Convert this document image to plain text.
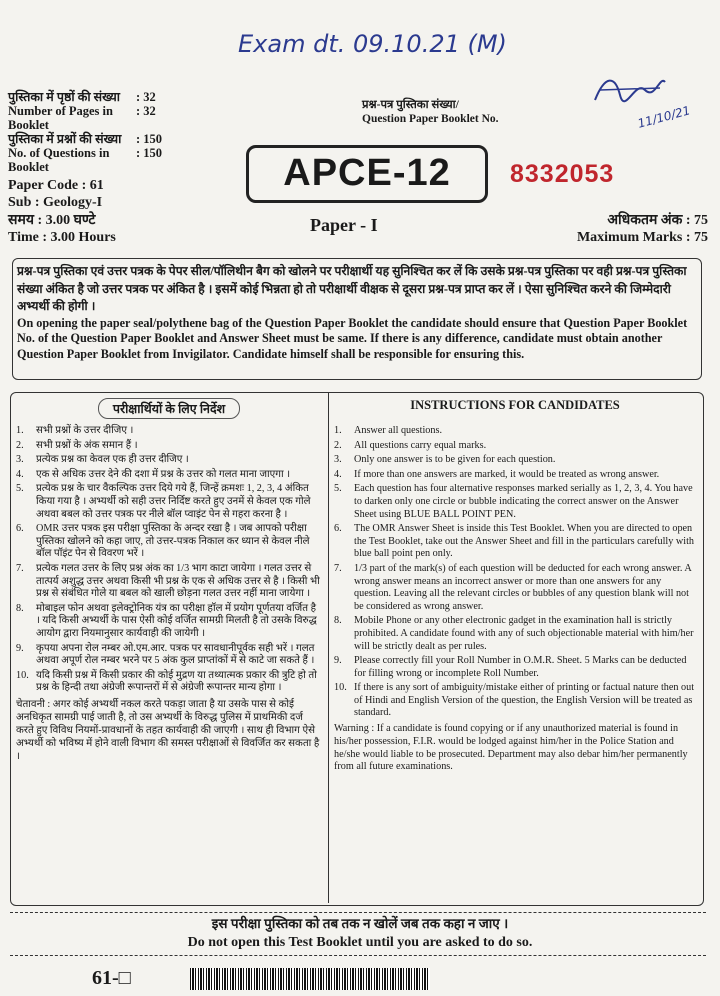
Exam dt. 09.10.21 (M)
11/10/21
पुस्तिका में पृष्ठों की संख्या	: 32
Number of Pages in Booklet
: 32
पुस्तिका में प्रश्नों की संख्या	: 150
No. of Questions in Booklet
: 150
Paper Code : 61
Sub : Geology-I
प्रश्न-पत्र पुस्तिका संख्या/
Question Paper Booklet No.
APCE-12	8332053
समय : 3.00 घण्टे
Time : 3.00 Hours
Paper - I	अधिकतम अंक : 75
Maximum Marks : 75
प्रश्न-पत्र पुस्तिका एवं उत्तर पत्रक के पेपर सील/पॉलिथीन बैग को खोलने पर परीक्षार्थी यह सुनिश्चित कर लें कि उसके प्रश्न-पत्र पुस्तिका पर वही प्रश्न-पत्र पुस्तिका संख्या अंकित है जो उत्तर पत्रक पर अंकित है । इसमें कोई भिन्नता हो तो परीक्षार्थी वीक्षक से दूसरा प्रश्न-पत्र प्राप्त कर लें । ऐसा सुनिश्चित करने की जिम्मेदारी अभ्यर्थी की होगी ।
On opening the paper seal/polythene bag of the Question Paper Booklet the candidate should ensure that Question Paper Booklet No. of the Question Paper Booklet and Answer Sheet must be same. If there is any difference, candidate must obtain another Question Paper Booklet from Invigilator. Candidate himself shall be responsible for ensuring this.
परीक्षार्थियों के लिए निर्देश
1.	सभी प्रश्नों के उत्तर दीजिए ।
2.	सभी प्रश्नों के अंक समान हैं ।
3.	प्रत्येक प्रश्न का केवल एक ही उत्तर दीजिए ।
4.	एक से अधिक उत्तर देने की दशा में प्रश्न के उत्तर को गलत माना जाएगा ।
5.	प्रत्येक प्रश्न के चार वैकल्पिक उत्तर दिये गये हैं, जिन्हें क्रमशः 1, 2, 3, 4 अंकित किया गया है । अभ्यर्थी को सही उत्तर निर्दिष्ट करते हुए उनमें से केवल एक गोले अथवा बबल को उत्तर पत्रक पर नीले बॉल प्वाइंट पेन से गहरा करना है ।
6.	OMR उत्तर पत्रक इस परीक्षा पुस्तिका के अन्दर रखा है । जब आपको परीक्षा पुस्तिका खोलने को कहा जाए, तो उत्तर-पत्रक निकाल कर ध्यान से केवल नीले बॉल पॉइंट पेन से विवरण भरें ।
7.	प्रत्येक गलत उत्तर के लिए प्रश्न अंक का 1/3 भाग काटा जायेगा । गलत उत्तर से तात्पर्य अशुद्ध उत्तर अथवा किसी भी प्रश्न के एक से अधिक उत्तर से है । किसी भी प्रश्न से संबंधित गोले या बबल को खाली छोड़ना गलत उत्तर नहीं माना जायेगा ।
8.	मोबाइल फोन अथवा इलेक्ट्रोनिक यंत्र का परीक्षा हॉल में प्रयोग पूर्णतया वर्जित है । यदि किसी अभ्यर्थी के पास ऐसी कोई वर्जित सामग्री मिलती है तो उसके विरुद्ध आयोग द्वारा नियमानुसार कार्यवाही की जायेगी ।
9.	कृपया अपना रोल नम्बर ओ.एम.आर. पत्रक पर सावधानीपूर्वक सही भरें । गलत अथवा अपूर्ण रोल नम्बर भरने पर 5 अंक कुल प्राप्तांकों में से काटे जा सकते हैं ।
10. यदि किसी प्रश्न में किसी प्रकार की कोई मुद्रण या तथ्यात्मक प्रकार की त्रुटि हो तो प्रश्न के हिन्दी तथा अंग्रेजी रूपान्तरों में से अंग्रेजी रूपान्तर मान्य होगा ।
चेतावनी : अगर कोई अभ्यर्थी नकल करते पकड़ा जाता है या उसके पास से कोई अनधिकृत सामग्री पाई जाती है, तो उस अभ्यर्थी के विरुद्ध पुलिस में प्राथमिकी दर्ज करते हुए विविध नियमों-प्रावधानों के तहत कार्यवाही की जाएगी । साथ ही विभाग ऐसे अभ्यर्थी को भविष्य में होने वाली विभाग की समस्त परीक्षाओं से विवर्जित कर सकता है ।
INSTRUCTIONS FOR CANDIDATES
1.	Answer all questions.
2.	All questions carry equal marks.
3.	Only one answer is to be given for each question.
4.	If more than one answers are marked, it would be treated as wrong answer.
5.	Each question has four alternative responses marked serially as 1, 2, 3, 4. You have to darken only one circle or bubble indicating the correct answer on the Answer Sheet using BLUE BALL POINT PEN.
6.	The OMR Answer Sheet is inside this Test Booklet. When you are directed to open the Test Booklet, take out the Answer Sheet and fill in the particulars carefully with blue ball point pen only.
7.	1/3 part of the mark(s) of each question will be deducted for each wrong answer. A wrong answer means an incorrect answer or more than one answers for any question. Leaving all the relevant circles or bubbles of any question blank will not be considered as wrong answer.
8.	Mobile Phone or any other electronic gadget in the examination hall is strictly prohibited. A candidate found with any of such objectionable material with him/her will be strictly dealt as per rules.
9.	Please correctly fill your Roll Number in O.M.R. Sheet. 5 Marks can be deducted for filling wrong or incomplete Roll Number.
10. If there is any sort of ambiguity/mistake either of printing or factual nature then out of Hindi and English Version of the question, the English Version will be treated as standard.
Warning : If a candidate is found copying or if any unauthorized material is found in his/her possession, F.I.R. would be lodged against him/her in the Police Station and he/she would liable to be prosecuted. Department may also debar him/her permanently from all future examinations.
इस परीक्षा पुस्तिका को तब तक न खोलें जब तक कहा न जाए ।
Do not open this Test Booklet until you are asked to do so.
61-□
